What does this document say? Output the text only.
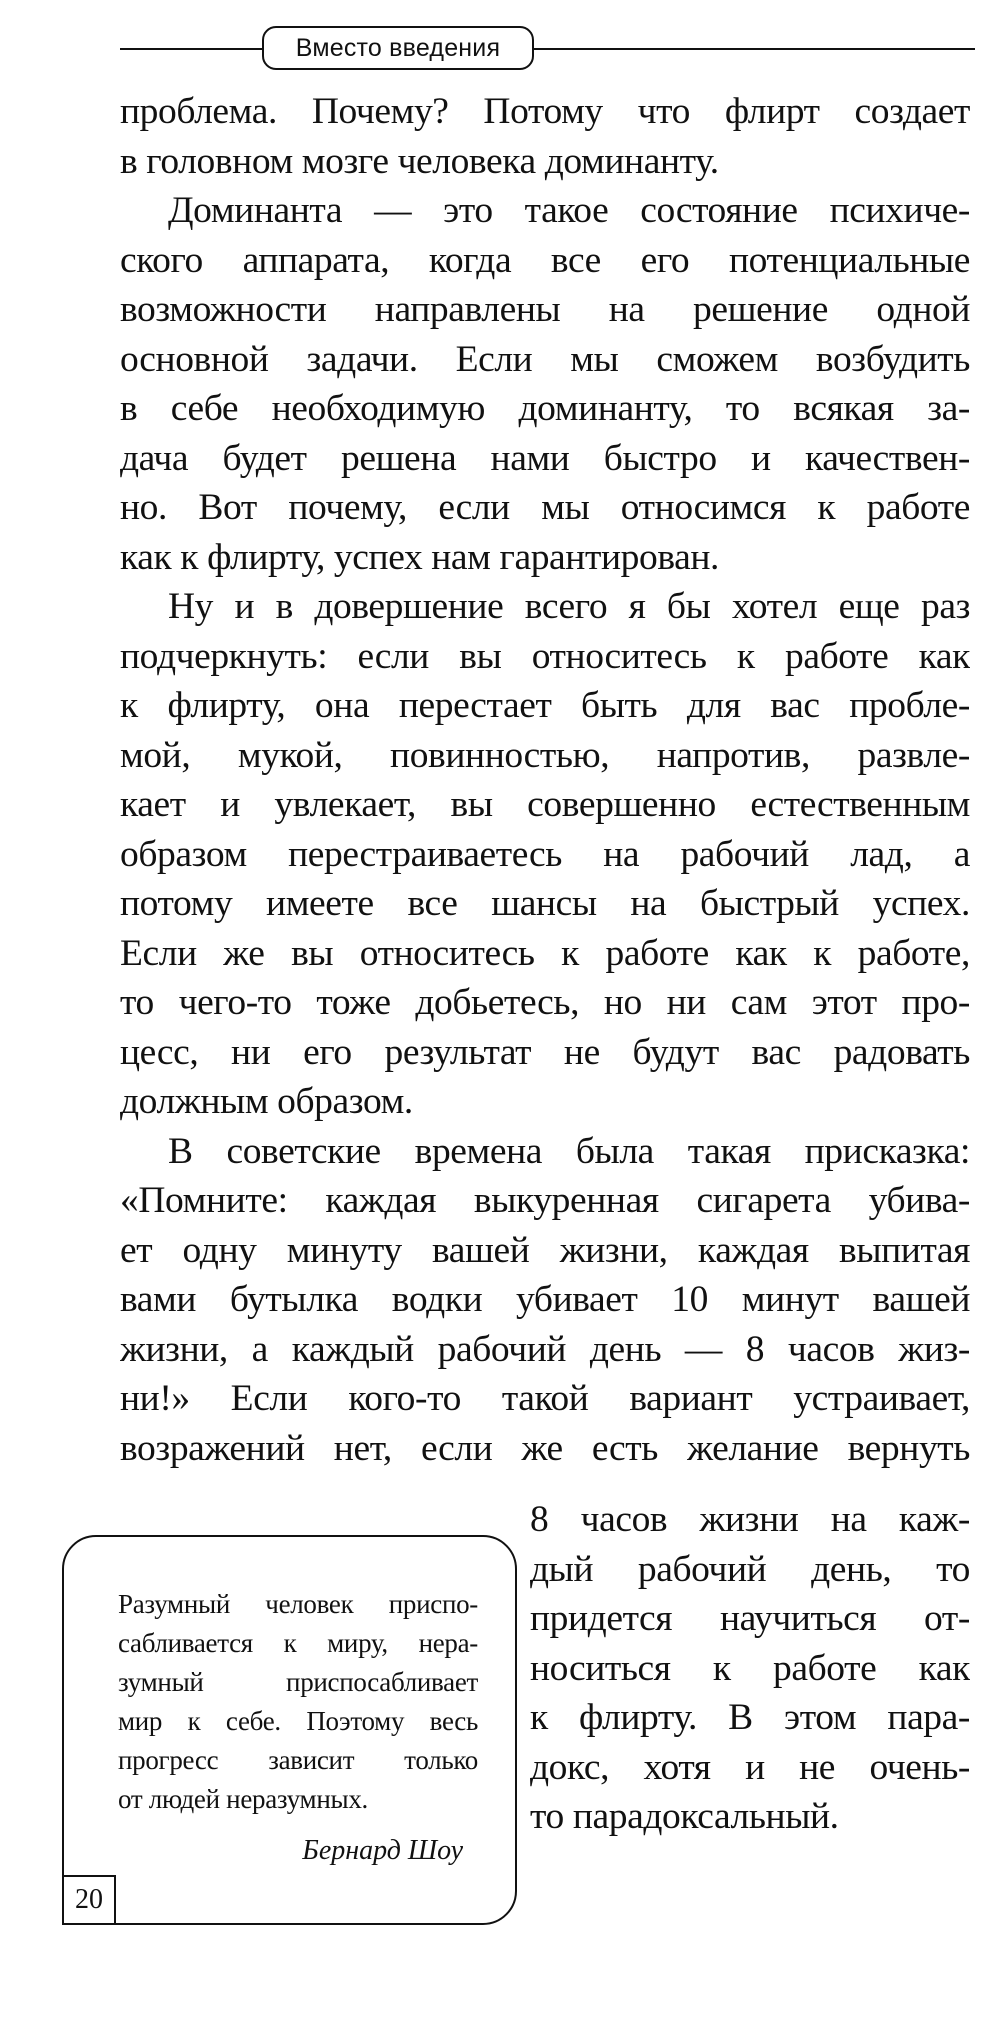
Вместо введения
проблема. Почему? Потому что флирт создает
в головном мозге человека доминанту.
Доминанта — это такое состояние психиче-
ского аппарата, когда все его потенциальные
возможности направлены на решение одной
основной задачи. Если мы сможем возбудить
в себе необходимую доминанту, то всякая за-
дача будет решена нами быстро и качествен-
но. Вот почему, если мы относимся к работе
как к флирту, успех нам гарантирован.
Ну и в довершение всего я бы хотел еще раз
подчеркнуть: если вы относитесь к работе как
к флирту, она перестает быть для вас пробле-
мой, мукой, повинностью, напротив, развле-
кает и увлекает, вы совершенно естественным
образом перестраиваетесь на рабочий лад, а
потому имеете все шансы на быстрый успех.
Если же вы относитесь к работе как к работе,
то чего-то тоже добьетесь, но ни сам этот про-
цесс, ни его результат не будут вас радовать
должным образом.
В советские времена была такая присказка:
«Помните: каждая выкуренная сигарета убива-
ет одну минуту вашей жизни, каждая выпитая
вами бутылка водки убивает 10 минут вашей
жизни, а каждый рабочий день — 8 часов жиз-
ни!» Если кого-то такой вариант устраивает,
возражений нет, если же есть желание вернуть
8 часов жизни на каж-
дый рабочий день, то
придется научиться от-
носиться к работе как
к флирту. В этом пара-
докс, хотя и не очень-
то парадоксальный.
Разумный человек приспо-
сабливается к миру, нера-
зумный приспосабливает
мир к себе. Поэтому весь
прогресс зависит только
от людей неразумных.
Бернард Шоу
20
